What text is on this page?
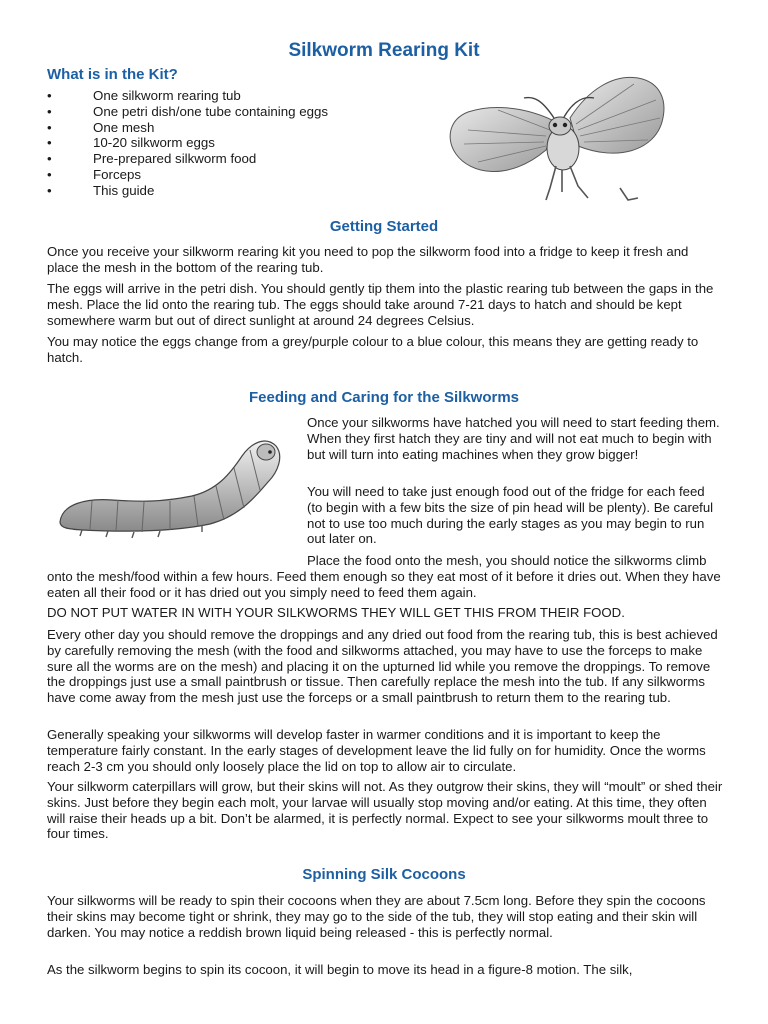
Silkworm Rearing Kit
What is in the Kit?
•	One silkworm rearing tub
•	One petri dish/one tube containing eggs
•	One mesh
•	10-20 silkworm eggs
•	Pre-prepared silkworm food
•	Forceps
•	This guide
Getting Started

Once you receive your silkworm rearing kit you need to pop the silkworm food into a fridge to keep it fresh and place the mesh in the bottom of the rearing tub.

The eggs will arrive in the petri dish. You should gently tip them into the plastic rearing tub between the gaps in the mesh. Place the lid onto the rearing tub. The eggs should take around 7-21 days to hatch and should be kept somewhere warm but out of direct sunlight at around 24 degrees Celsius.

You may notice the eggs change from a grey/purple colour to a blue colour, this means they are getting ready to hatch.

Feeding and Caring for the Silkworms

Once your silkworms have hatched you will need to start feeding them. When they first hatch they are tiny and will not eat much to begin with but will turn into eating machines when they grow bigger!

You will need to take just enough food out of the fridge for each feed (to begin with a few bits the size of pin head will be plenty). Be careful not to use too much during the early stages as you may begin to run out later on.

Place the food onto the mesh, you should notice the silkworms climb onto the mesh/food within a few hours. Feed them enough so they eat most of it before it dries out. When they have eaten all their food or it has dried out you simply need to feed them again.

DO NOT PUT WATER IN WITH YOUR SILKWORMS THEY WILL GET THIS FROM THEIR FOOD.

Every other day you should remove the droppings and any dried out food from the rearing tub, this is best achieved by carefully removing the mesh (with the food and silkworms attached, you may have to use the forceps to make sure all the worms are on the mesh) and placing it on the upturned lid while you remove the droppings. To remove the droppings just use a small paintbrush or tissue. Then carefully replace the mesh into the tub. If any silkworms have come away from the mesh just use the forceps or a small paintbrush to return them to the rearing tub.

Generally speaking your silkworms will develop faster in warmer conditions and it is important to keep the temperature fairly constant. In the early stages of development leave the lid fully on for humidity. Once the worms reach 2-3 cm you should only loosely place the lid on top to allow air to circulate.

Your silkworm caterpillars will grow, but their skins will not. As they outgrow their skins, they will “moult” or shed their skins. Just before they begin each molt, your larvae will usually stop moving and/or eating. At this time, they often will raise their heads up a bit. Don’t be alarmed, it is perfectly normal. Expect to see your silkworms moult three to four times.

Spinning Silk Cocoons

Your silkworms will be ready to spin their cocoons when they are about 7.5cm long. Before they spin the cocoons their skins may become tight or shrink, they may go to the side of the tub, they will stop eating and their skin will darken. You may notice a reddish brown liquid being released - this is perfectly normal.

As the silkworm begins to spin its cocoon, it will begin to move its head in a figure-8 motion. The silk,
